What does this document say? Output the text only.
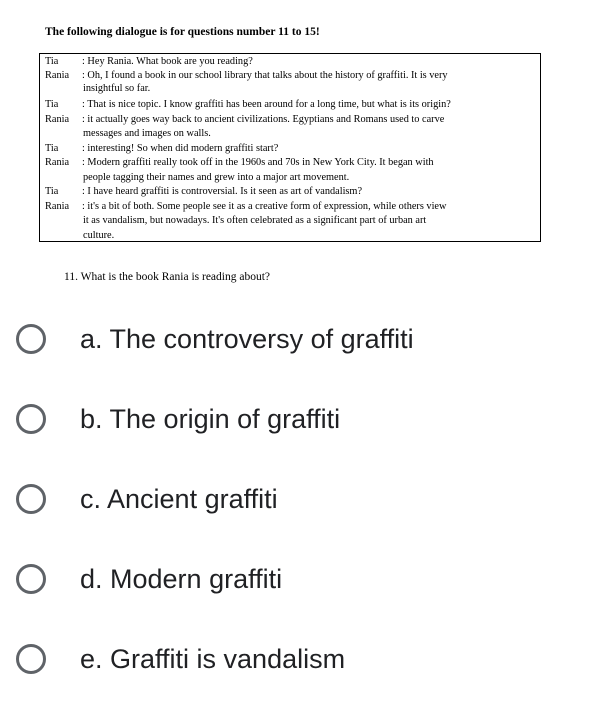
The following dialogue is for questions number 11 to 15!
Tia : Hey Rania. What book are you reading?
Rania : Oh, I found a book in our school library that talks about the history of graffiti. It is very
insightful so far.
Tia : That is nice topic. I know graffiti has been around for a long time, but what is its origin?
Rania : it actually goes way back to ancient civilizations. Egyptians and Romans used to carve
messages and images on walls.
Tia : interesting! So when did modern graffiti start?
Rania : Modern graffiti really took off in the 1960s and 70s in New York City. It began with
people tagging their names and grew into a major art movement.
Tia : I have heard graffiti is controversial. Is it seen as art of vandalism?
Rania : it's a bit of both. Some people see it as a creative form of expression, while others view
it as vandalism, but nowadays. It's often celebrated as a significant part of urban art
culture.
11. What is the book Rania is reading about?
a. The controversy of graffiti
b. The origin of graffiti
c. Ancient graffiti
d. Modern graffiti
e. Graffiti is vandalism
